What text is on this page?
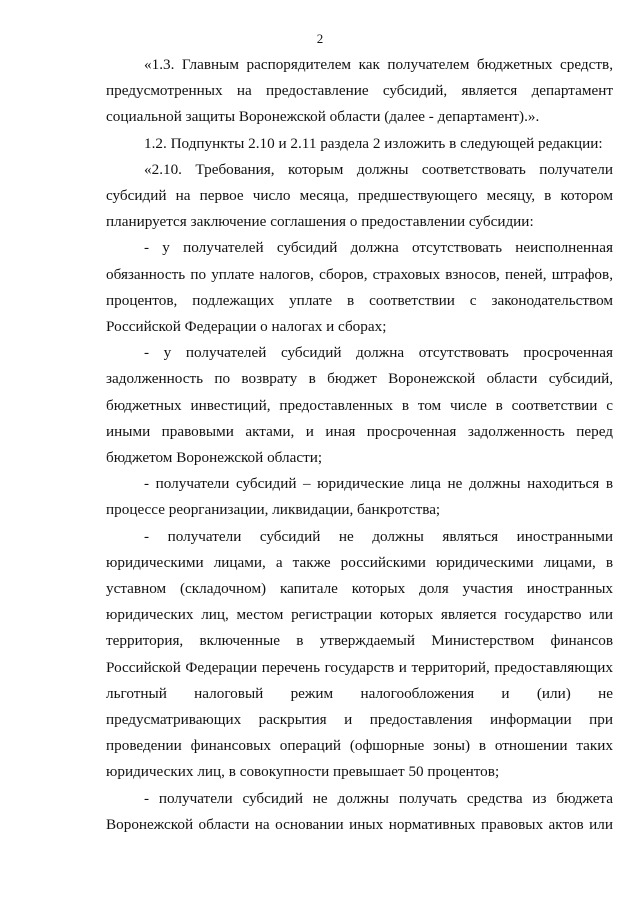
2
«1.3. Главным распорядителем как получателем бюджетных средств,
предусмотренных на предоставление субсидий, является департамент
социальной защиты Воронежской области (далее - департамент).».
1.2. Подпункты 2.10 и 2.11 раздела 2 изложить в следующей редакции:
«2.10. Требования, которым должны соответствовать получатели
субсидий на первое число месяца, предшествующего месяцу, в котором
планируется заключение соглашения о предоставлении субсидии:
- у получателей субсидий должна отсутствовать неисполненная
обязанность по уплате налогов, сборов, страховых взносов, пеней, штрафов,
процентов, подлежащих уплате в соответствии с законодательством
Российской Федерации о налогах и сборах;
- у получателей субсидий должна отсутствовать просроченная
задолженность по возврату в бюджет Воронежской области субсидий,
бюджетных инвестиций, предоставленных в том числе в соответствии с
иными правовыми актами, и иная просроченная задолженность перед
бюджетом Воронежской области;
- получатели субсидий – юридические лица не должны находиться в
процессе реорганизации, ликвидации, банкротства;
- получатели субсидий не должны являться иностранными
юридическими лицами, а также российскими юридическими лицами, в
уставном (складочном) капитале которых доля участия иностранных
юридических лиц, местом регистрации которых является государство или
территория, включенные в утверждаемый Министерством финансов
Российской Федерации перечень государств и территорий, предоставляющих
льготный налоговый режим налогообложения и (или) не
предусматривающих раскрытия и предоставления информации при
проведении финансовых операций (офшорные зоны) в отношении таких
юридических лиц, в совокупности превышает 50 процентов;
- получатели субсидий не должны получать средства из бюджета
Воронежской области на основании иных нормативных правовых актов или
